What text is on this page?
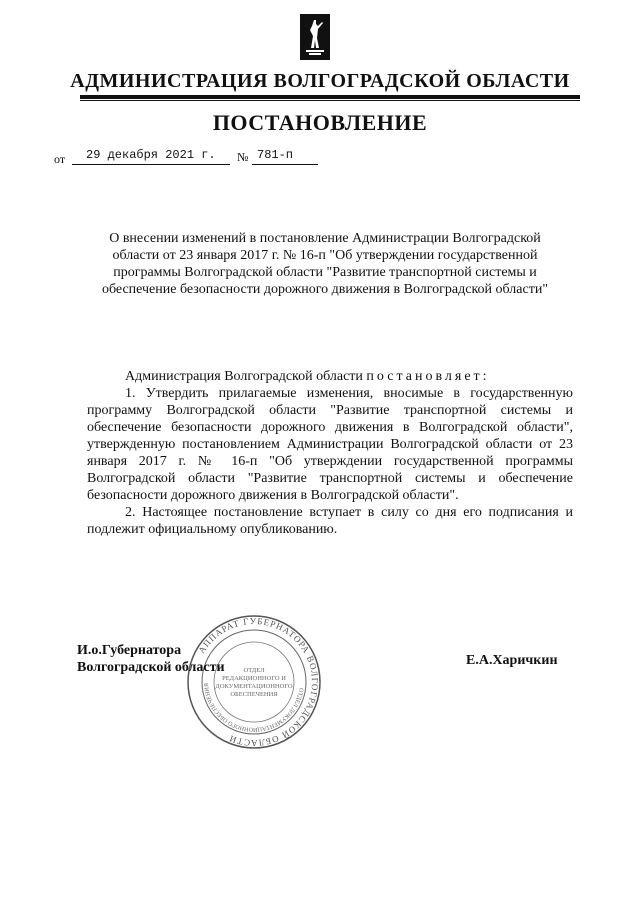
АДМИНИСТРАЦИЯ ВОЛГОГРАДСКОЙ ОБЛАСТИ
ПОСТАНОВЛЕНИЕ
от 29 декабря 2021 г. № 781-п
О внесении изменений в постановление Администрации Волгоградской области от 23 января 2017 г. № 16-п "Об утверждении государственной программы Волгоградской области "Развитие транспортной системы и обеспечение безопасности дорожного движения в Волгоградской области"

Администрация Волгоградской области постановляет:

1. Утвердить прилагаемые изменения, вносимые в государственную программу Волгоградской области "Развитие транспортной системы и обеспечение безопасности дорожного движения в Волгоградской области", утвержденную постановлением Администрации Волгоградской области от 23 января 2017 г. № 16-п "Об утверждении государственной программы Волгоградской области "Развитие транспортной системы и обеспечение безопасности дорожного движения в Волгоградской области".

2. Настоящее постановление вступает в силу со дня его подписания и подлежит официальному опубликованию.

АППАРАТ ГУБЕРНАТОРА ВОЛГОГРАДСКОЙ ОБЛАСТИ
ОТДЕЛ ДОКУМЕНТАЦИОННОГО ОБЕСПЕЧЕНИЯ
ОТДЕЛ
РЕДАКЦИОННОГО И
ДОКУМЕНТАЦИОННОГО
ОБЕСПЕЧЕНИЯ
И.о.Губернатора
Волгоградской области	Е.А.Харичкин
